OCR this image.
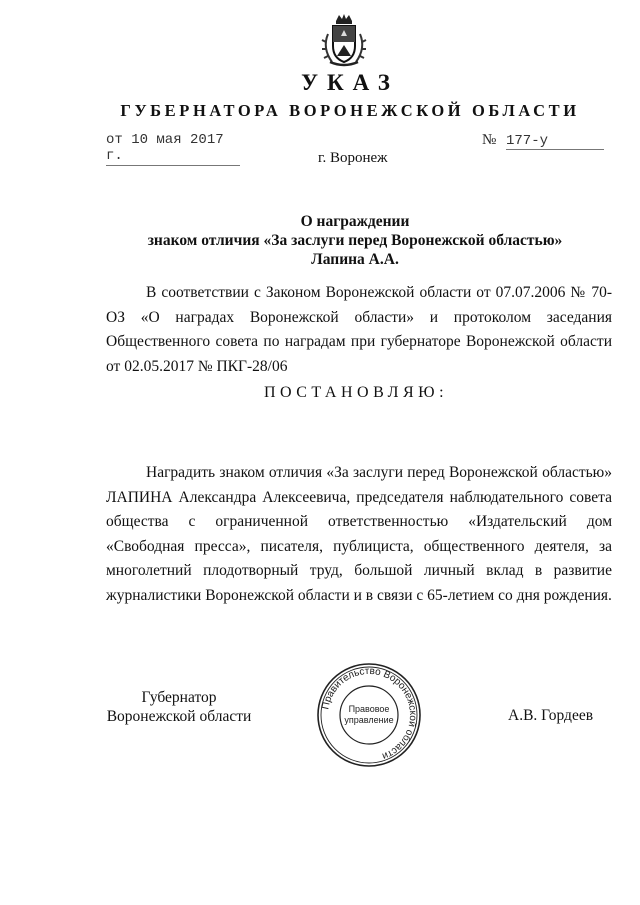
УКАЗ
ГУБЕРНАТОРА ВОРОНЕЖСКОЙ ОБЛАСТИ
от 10 мая 2017 г.
№ 177-у
г. Воронеж
О награждении
знаком отличия «За заслуги перед Воронежской областью»
Лапина А.А.
В соответствии с Законом Воронежской области от 07.07.2006 № 70-ОЗ «О наградах Воронежской области» и протоколом заседания Общественного совета по наградам при губернаторе Воронежской области от 02.05.2017 № ПКГ-28/06
ПОСТАНОВЛЯЮ:
Наградить знаком отличия «За заслуги перед Воронежской областью» ЛАПИНА Александра Алексеевича, председателя наблюдательного совета общества с ограниченной ответственностью «Издательский дом «Свободная пресса», писателя, публициста, общественного деятеля, за многолетний плодотворный труд, большой личный вклад в развитие журналистики Воронежской области и в связи с 65-летием со дня рождения.
Губернатор
Воронежской области
Правительство Воронежской области
Правовое
управление	А.В. Гордеев
